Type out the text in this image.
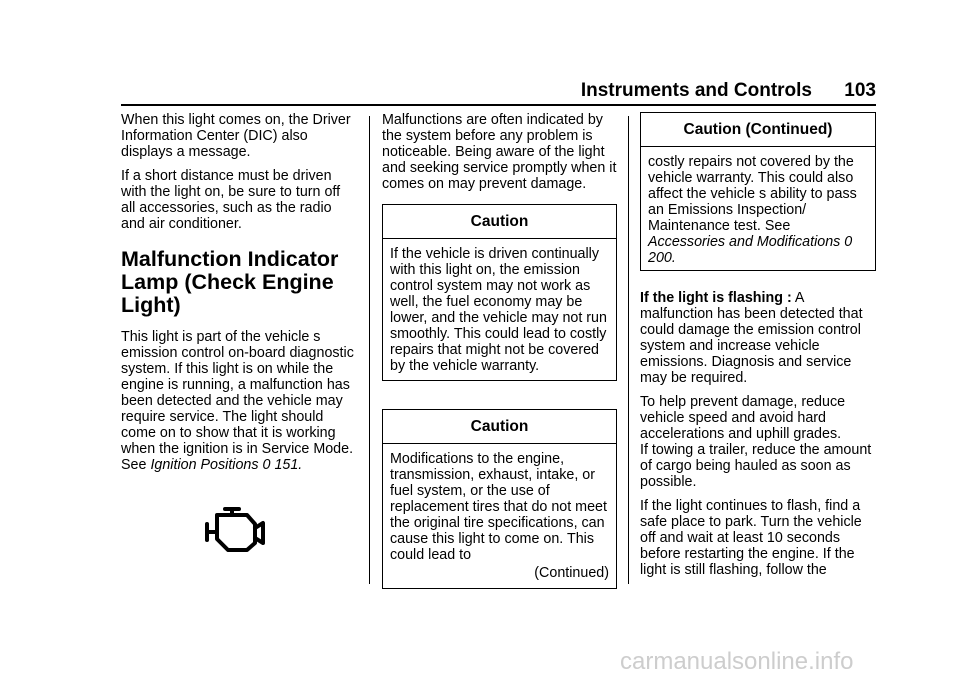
Instruments and Controls 103

When this light comes on, the Driver Information Center (DIC) also displays a message.

If a short distance must be driven with the light on, be sure to turn off all accessories, such as the radio and air conditioner.

Malfunction Indicator Lamp (Check Engine Light)

This light is part of the vehicle s emission control on-board diagnostic system. If this light is on while the engine is running, a malfunction has been detected and the vehicle may require service. The light should come on to show that it is working when the ignition is in Service Mode. See Ignition Positions 0 151.

Malfunctions are often indicated by the system before any problem is noticeable. Being aware of the light and seeking service promptly when it comes on may prevent damage.

Caution
If the vehicle is driven continually with this light on, the emission control system may not work as well, the fuel economy may be lower, and the vehicle may not run smoothly. This could lead to costly repairs that might not be covered by the vehicle warranty.
Caution
Modifications to the engine, transmission, exhaust, intake, or fuel system, or the use of replacement tires that do not meet the original tire specifications, can cause this light to come on. This could lead to
(Continued)
Caution (Continued)
costly repairs not covered by the vehicle warranty. This could also affect the vehicle s ability to pass an Emissions Inspection/ Maintenance test. See Accessories and Modifications 0 200.

If the light is flashing : A malfunction has been detected that could damage the emission control system and increase vehicle emissions. Diagnosis and service may be required.

To help prevent damage, reduce vehicle speed and avoid hard accelerations and uphill grades.

If towing a trailer, reduce the amount of cargo being hauled as soon as possible.

If the light continues to flash, find a safe place to park. Turn the vehicle off and wait at least 10 seconds before restarting the engine. If the light is still flashing, follow the

carmanualsonline.info
